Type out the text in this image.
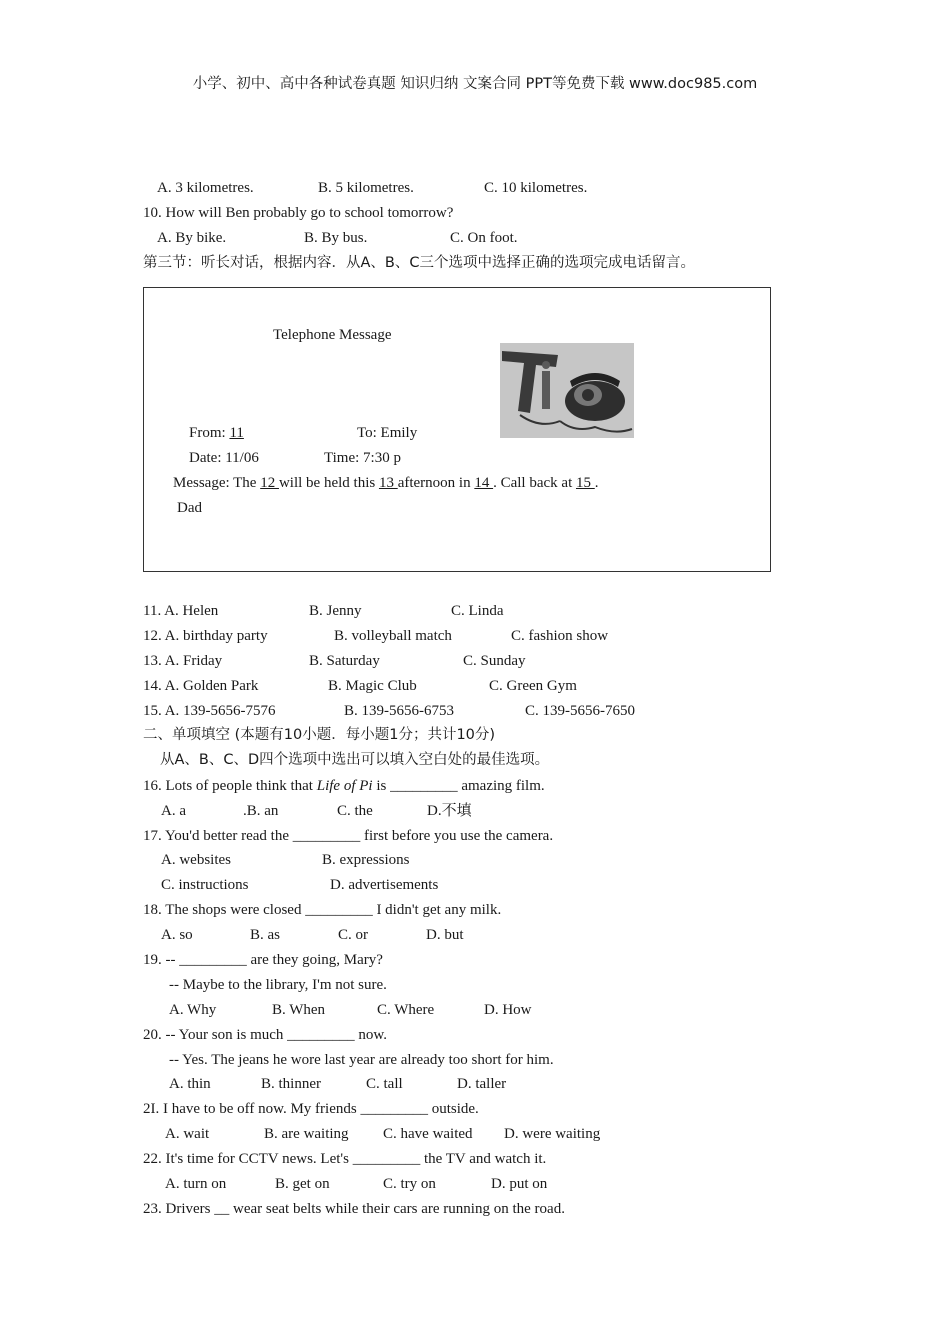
小学、初中、高中各种试卷真题 知识归纳 文案合同 PPT等免费下载 www.doc985.com
A. 3 kilometres.	B. 5 kilometres.	C. 10 kilometres.
10. How will Ben probably go to school tomorrow?
A. By bike.	B. By bus.	C. On foot.
第三节：听长对话，根据内容．从A、B、C三个选项中选择正确的选项完成电话留言。
Telephone Message
From: 11	To: Emily
Date: 11/06	Time: 7:30 p
Message: The 12 will be held this 13 afternoon in 14 . Call back at 15 .
Dad
11. A. Helen	B. Jenny	C. Linda
12. A. birthday party	B. volleyball match	C. fashion show
13. A. Friday	B. Saturday	C. Sunday
14. A. Golden Park	B. Magic Club	C. Green Gym
15. A. 139-5656-7576	B. 139-5656-6753	C. 139-5656-7650
二、单项填空 (本题有10小题．每小题1分；共计10分)
从A、B、C、D四个选项中选出可以填入空白处的最佳选项。
16. Lots of people think that Life of Pi is _________ amazing film.
A. a	.B. an	C. the	D.不填
17. You'd better read the _________ first before you use the camera.
A. websites	B. expressions
C. instructions	D. advertisements
18. The shops were closed _________ I didn't get any milk.
A. so	B. as	C. or	D. but
19. -- _________ are they going, Mary?
-- Maybe to the library, I'm not sure.
A. Why	B. When	C. Where	D. How
20. -- Your son is much _________ now.
-- Yes. The jeans he wore last year are already too short for him.
A. thin	B. thinner	C. tall	D. taller
2I. I have to be off now. My friends _________ outside.
A. wait	B. are waiting C. have waited D. were waiting
22. It's time for CCTV news. Let's _________ the TV and watch it.
A. turn on	B. get on	C. try on	D. put on
23. Drivers __ wear seat belts while their cars are running on the road.
